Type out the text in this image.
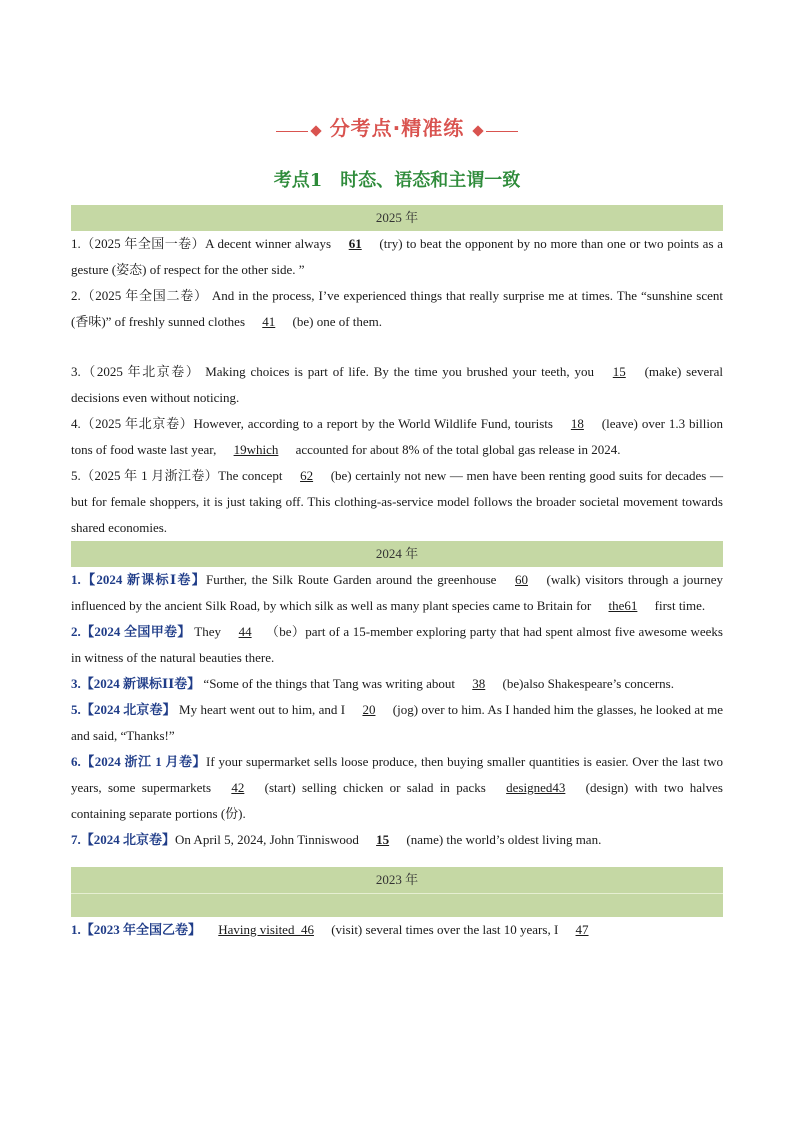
分考点·精准练
考点1　时态、语态和主谓一致
2025 年

1.（2025 年全国一卷）A decent winner always 61 (try) to beat the opponent by no more than one or two points as a gesture (姿态) of respect for the other side. ”

2.（2025 年全国二卷） And in the process, I’ve experienced things that really surprise me at times. The “sunshine scent (香味)” of freshly sunned clothes 41 (be) one of them.

3.（2025 年北京卷） Making choices is part of life. By the time you brushed your teeth, you 15 (make) several decisions even without noticing.

4.（2025 年北京卷）However, according to a report by the World Wildlife Fund, tourists 18 (leave) over 1.3 billion tons of food waste last year, 19which accounted for about 8% of the total global gas release in 2024.

5.（2025 年 1 月浙江卷）The concept 62 (be) certainly not new — men have been renting good suits for decades — but for female shoppers, it is just taking off. This clothing-as-service model follows the broader societal movement towards shared economies.

2024 年

1.【2024 新课标Ⅰ卷】Further, the Silk Route Garden around the greenhouse 60 (walk) visitors through a journey influenced by the ancient Silk Road, by which silk as well as many plant species came to Britain for the61 first time.

2.【2024 全国甲卷】 They 44 （be）part of a 15-member exploring party that had spent almost five awesome weeks in witness of the natural beauties there.

3.【2024 新课标ⅠⅠ卷】 “Some of the things that Tang was writing about 38 (be)also Shakespeare’s concerns.

5.【2024 北京卷】 My heart went out to him, and I 20 (jog) over to him. As I handed him the glasses, he looked at me and said, “Thanks!”

6.【2024 浙江 1 月卷】If your supermarket sells loose produce, then buying smaller quantities is easier. Over the last two years, some supermarkets 42 (start) selling chicken or salad in packs designed43 (design) with two halves containing separate portions (份).

7.【2024 北京卷】On April 5, 2024, John Tinniswood 15 (name) the world’s oldest living man.

2023 年

1.【2023 年全国乙卷】 Having visited_46 (visit) several times over the last 10 years, I 47
